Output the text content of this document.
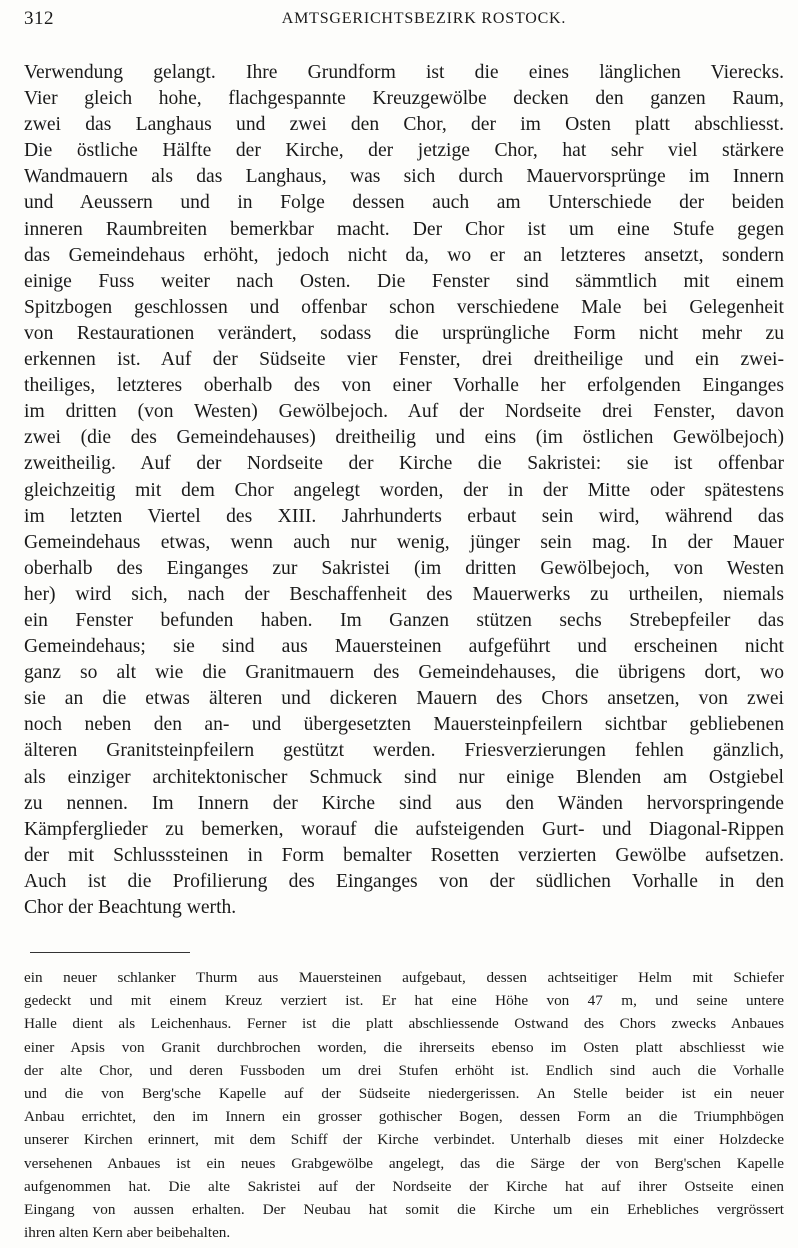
312	AMTSGERICHTSBEZIRK ROSTOCK.
Verwendung gelangt. Ihre Grundform ist die eines länglichen Vierecks.
Vier gleich hohe, flachgespannte Kreuzgewölbe decken den ganzen Raum,
zwei das Langhaus und zwei den Chor, der im Osten platt abschliesst.
Die östliche Hälfte der Kirche, der jetzige Chor, hat sehr viel stärkere
Wandmauern als das Langhaus, was sich durch Mauervorsprünge im Innern
und Aeussern und in Folge dessen auch am Unterschiede der beiden
inneren Raumbreiten bemerkbar macht. Der Chor ist um eine Stufe gegen
das Gemeindehaus erhöht, jedoch nicht da, wo er an letzteres ansetzt, sondern
einige Fuss weiter nach Osten. Die Fenster sind sämmtlich mit einem
Spitzbogen geschlossen und offenbar schon verschiedene Male bei Gelegenheit
von Restaurationen verändert, sodass die ursprüngliche Form nicht mehr zu
erkennen ist. Auf der Südseite vier Fenster, drei dreitheilige und ein zwei-
theiliges, letzteres oberhalb des von einer Vorhalle her erfolgenden Einganges
im dritten (von Westen) Gewölbejoch. Auf der Nordseite drei Fenster, davon
zwei (die des Gemeindehauses) dreitheilig und eins (im östlichen Gewölbejoch)
zweitheilig. Auf der Nordseite der Kirche die Sakristei: sie ist offenbar
gleichzeitig mit dem Chor angelegt worden, der in der Mitte oder spätestens
im letzten Viertel des XIII. Jahrhunderts erbaut sein wird, während das
Gemeindehaus etwas, wenn auch nur wenig, jünger sein mag. In der Mauer
oberhalb des Einganges zur Sakristei (im dritten Gewölbejoch, von Westen
her) wird sich, nach der Beschaffenheit des Mauerwerks zu urtheilen, niemals
ein Fenster befunden haben. Im Ganzen stützen sechs Strebepfeiler das
Gemeindehaus; sie sind aus Mauersteinen aufgeführt und erscheinen nicht
ganz so alt wie die Granitmauern des Gemeindehauses, die übrigens dort, wo
sie an die etwas älteren und dickeren Mauern des Chors ansetzen, von zwei
noch neben den an- und übergesetzten Mauersteinpfeilern sichtbar gebliebenen
älteren Granitsteinpfeilern gestützt werden. Friesverzierungen fehlen gänzlich,
als einziger architektonischer Schmuck sind nur einige Blenden am Ostgiebel
zu nennen. Im Innern der Kirche sind aus den Wänden hervorspringende
Kämpferglieder zu bemerken, worauf die aufsteigenden Gurt- und Diagonal-Rippen
der mit Schlusssteinen in Form bemalter Rosetten verzierten Gewölbe aufsetzen.
Auch ist die Profilierung des Einganges von der südlichen Vorhalle in den
Chor der Beachtung werth.
ein neuer schlanker Thurm aus Mauersteinen aufgebaut, dessen achtseitiger Helm mit Schiefer
gedeckt und mit einem Kreuz verziert ist. Er hat eine Höhe von 47 m, und seine untere
Halle dient als Leichenhaus. Ferner ist die platt abschliessende Ostwand des Chors zwecks Anbaues
einer Apsis von Granit durchbrochen worden, die ihrerseits ebenso im Osten platt abschliesst wie
der alte Chor, und deren Fussboden um drei Stufen erhöht ist. Endlich sind auch die Vorhalle
und die von Berg'sche Kapelle auf der Südseite niedergerissen. An Stelle beider ist ein neuer
Anbau errichtet, den im Innern ein grosser gothischer Bogen, dessen Form an die Triumphbögen
unserer Kirchen erinnert, mit dem Schiff der Kirche verbindet. Unterhalb dieses mit einer Holzdecke
versehenen Anbaues ist ein neues Grabgewölbe angelegt, das die Särge der von Berg'schen Kapelle
aufgenommen hat. Die alte Sakristei auf der Nordseite der Kirche hat auf ihrer Ostseite einen
Eingang von aussen erhalten. Der Neubau hat somit die Kirche um ein Erhebliches vergrössert
ihren alten Kern aber beibehalten.
